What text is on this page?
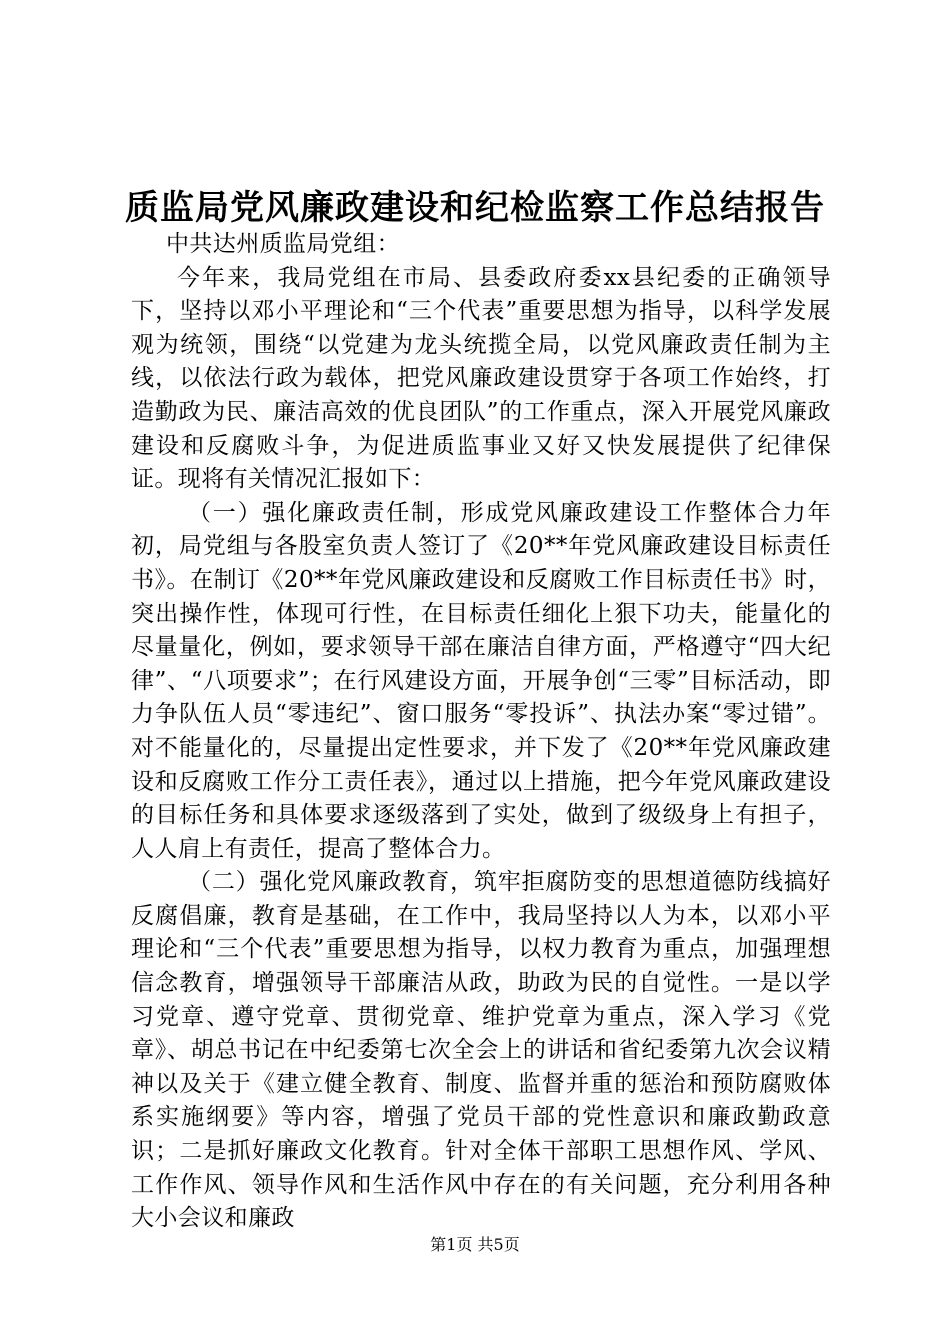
质监局党风廉政建设和纪检监察工作总结报告

中共达州质监局党组：

今年来，我局党组在市局、县委政府委xx县纪委的正确领导下，坚持以邓小平理论和“三个代表”重要思想为指导，以科学发展观为统领，围绕“以党建为龙头统揽全局，以党风廉政责任制为主线，以依法行政为载体，把党风廉政建设贯穿于各项工作始终，打造勤政为民、廉洁高效的优良团队”的工作重点，深入开展党风廉政建设和反腐败斗争，为促进质监事业又好又快发展提供了纪律保证。现将有关情况汇报如下：

（一）强化廉政责任制，形成党风廉政建设工作整体合力年初，局党组与各股室负责人签订了《20**年党风廉政建设目标责任书》。在制订《20**年党风廉政建设和反腐败工作目标责任书》时，突出操作性，体现可行性，在目标责任细化上狠下功夫，能量化的尽量量化，例如，要求领导干部在廉洁自律方面，严格遵守“四大纪律”、“八项要求”；在行风建设方面，开展争创“三零”目标活动，即力争队伍人员“零违纪”、窗口服务“零投诉”、执法办案“零过错”。对不能量化的，尽量提出定性要求，并下发了《20**年党风廉政建设和反腐败工作分工责任表》，通过以上措施，把今年党风廉政建设的目标任务和具体要求逐级落到了实处，做到了级级身上有担子，人人肩上有责任，提高了整体合力。

（二）强化党风廉政教育，筑牢拒腐防变的思想道德防线搞好反腐倡廉，教育是基础，在工作中，我局坚持以人为本，以邓小平理论和“三个代表”重要思想为指导，以权力教育为重点，加强理想信念教育，增强领导干部廉洁从政，助政为民的自觉性。一是以学习党章、遵守党章、贯彻党章、维护党章为重点，深入学习《党章》、胡总书记在中纪委第七次全会上的讲话和省纪委第九次会议精神以及关于《建立健全教育、制度、监督并重的惩治和预防腐败体系实施纲要》等内容，增强了党员干部的党性意识和廉政勤政意识；二是抓好廉政文化教育。针对全体干部职工思想作风、学风、工作作风、领导作风和生活作风中存在的有关问题，充分利用各种大小会议和廉政

第1页 共5页
